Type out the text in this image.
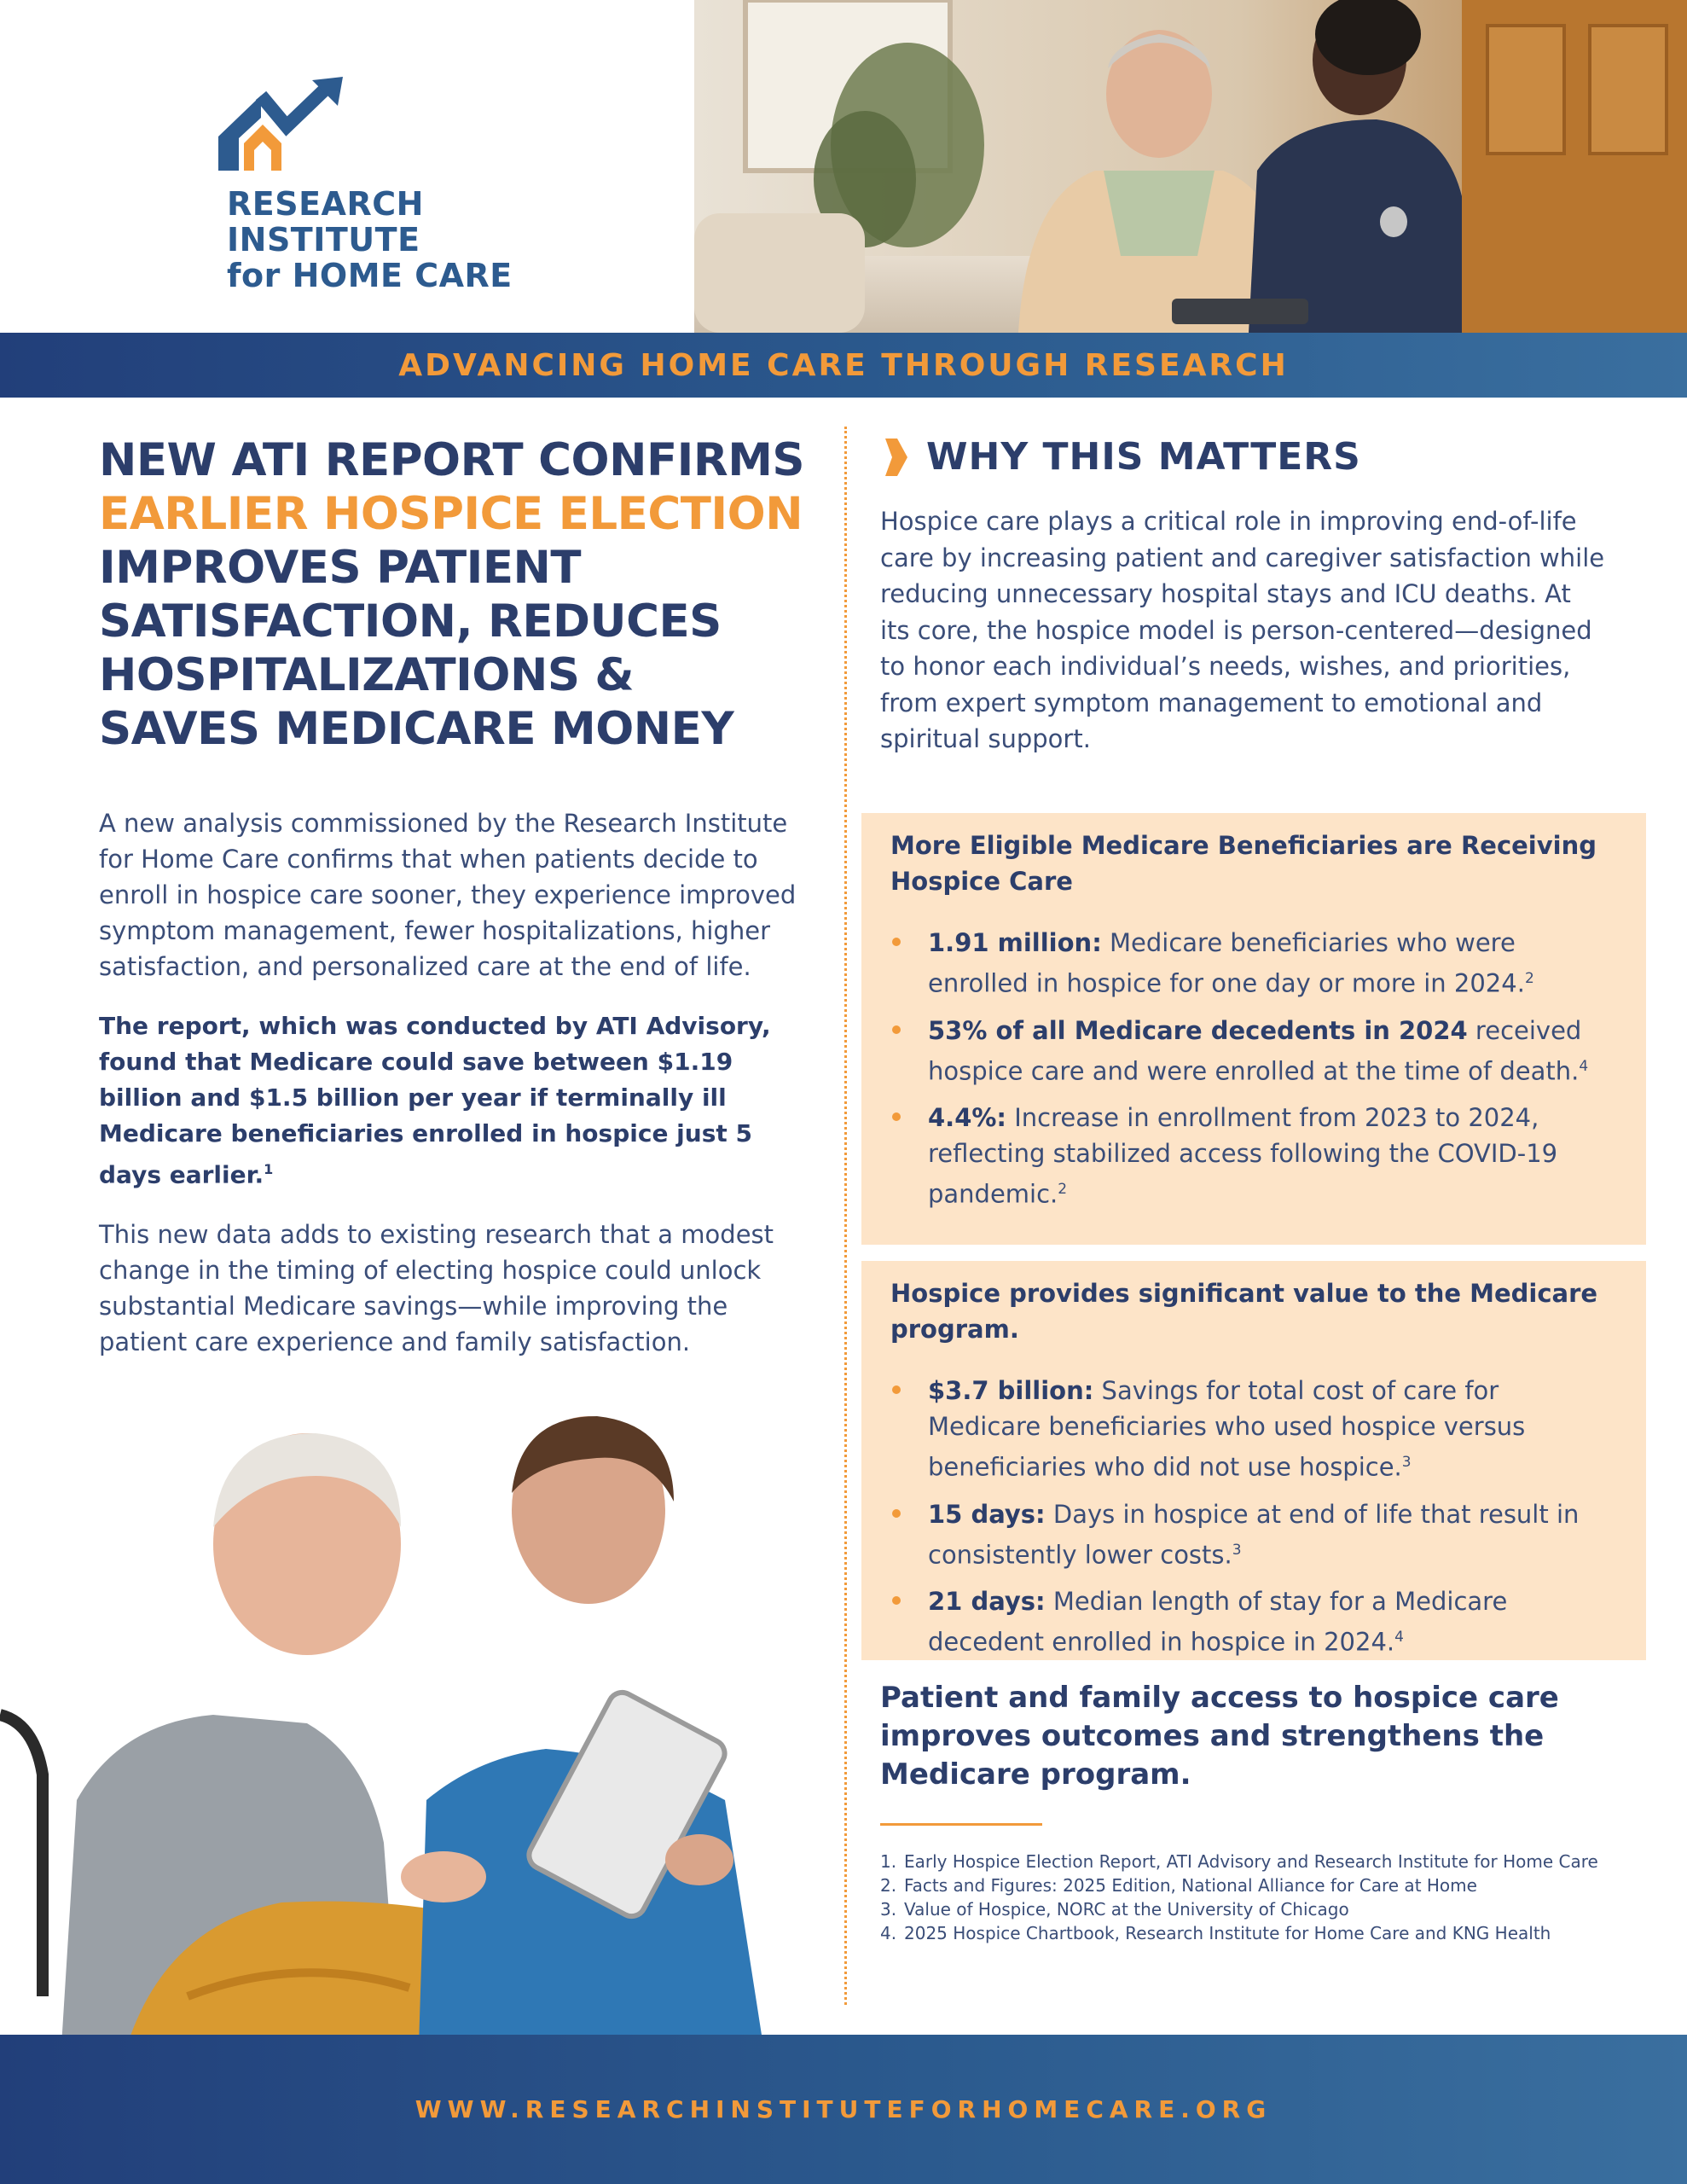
RESEARCH
INSTITUTE
for HOME CARE
ADVANCING HOME CARE THROUGH RESEARCH
NEW ATI REPORT CONFIRMS
EARLIER HOSPICE ELECTION
IMPROVES PATIENT
SATISFACTION, REDUCES
HOSPITALIZATIONS &
SAVES MEDICARE MONEY

A new analysis commissioned by the Research Institute for Home Care confirms that when patients decide to enroll in hospice care sooner, they experience improved symptom management, fewer hospitalizations, higher satisfaction, and personalized care at the end of life.

The report, which was conducted by ATI Advisory, found that Medicare could save between $1.19 billion and $1.5 billion per year if terminally ill Medicare beneficiaries enrolled in hospice just 5 days earlier.$^1$

This new data adds to existing research that a modest change in the timing of electing hospice could unlock substantial Medicare savings—while improving the patient care experience and family satisfaction.

WHY THIS MATTERS

Hospice care plays a critical role in improving end-of-life care by increasing patient and caregiver satisfaction while reducing unnecessary hospital stays and ICU deaths. At its core, the hospice model is person-centered—designed to honor each individual’s needs, wishes, and priorities, from expert symptom management to emotional and spiritual support.

More Eligible Medicare Beneficiaries are Receiving Hospice Care
1.91 million: Medicare beneficiaries who were enrolled in hospice for one day or more in 2024.$^2$
53% of all Medicare decedents in 2024 received hospice care and were enrolled at the time of death.$^4$
4.4%: Increase in enrollment from 2023 to 2024, reflecting stabilized access following the COVID-19 pandemic.$^2$
Hospice provides significant value to the Medicare program.
$3.7 billion: Savings for total cost of care for Medicare beneficiaries who used hospice versus beneficiaries who did not use hospice.$^3$
15 days: Days in hospice at end of life that result in consistently lower costs.$^3$
21 days: Median length of stay for a Medicare decedent enrolled in hospice in 2024.$^4$

Patient and family access to hospice care improves outcomes and strengthens the Medicare program.

1. Early Hospice Election Report, ATI Advisory and Research Institute for Home Care
2. Facts and Figures: 2025 Edition, National Alliance for Care at Home
3. Value of Hospice, NORC at the University of Chicago
4. 2025 Hospice Chartbook, Research Institute for Home Care and KNG Health
WWW.RESEARCHINSTITUTEFORHOMECARE.ORG
